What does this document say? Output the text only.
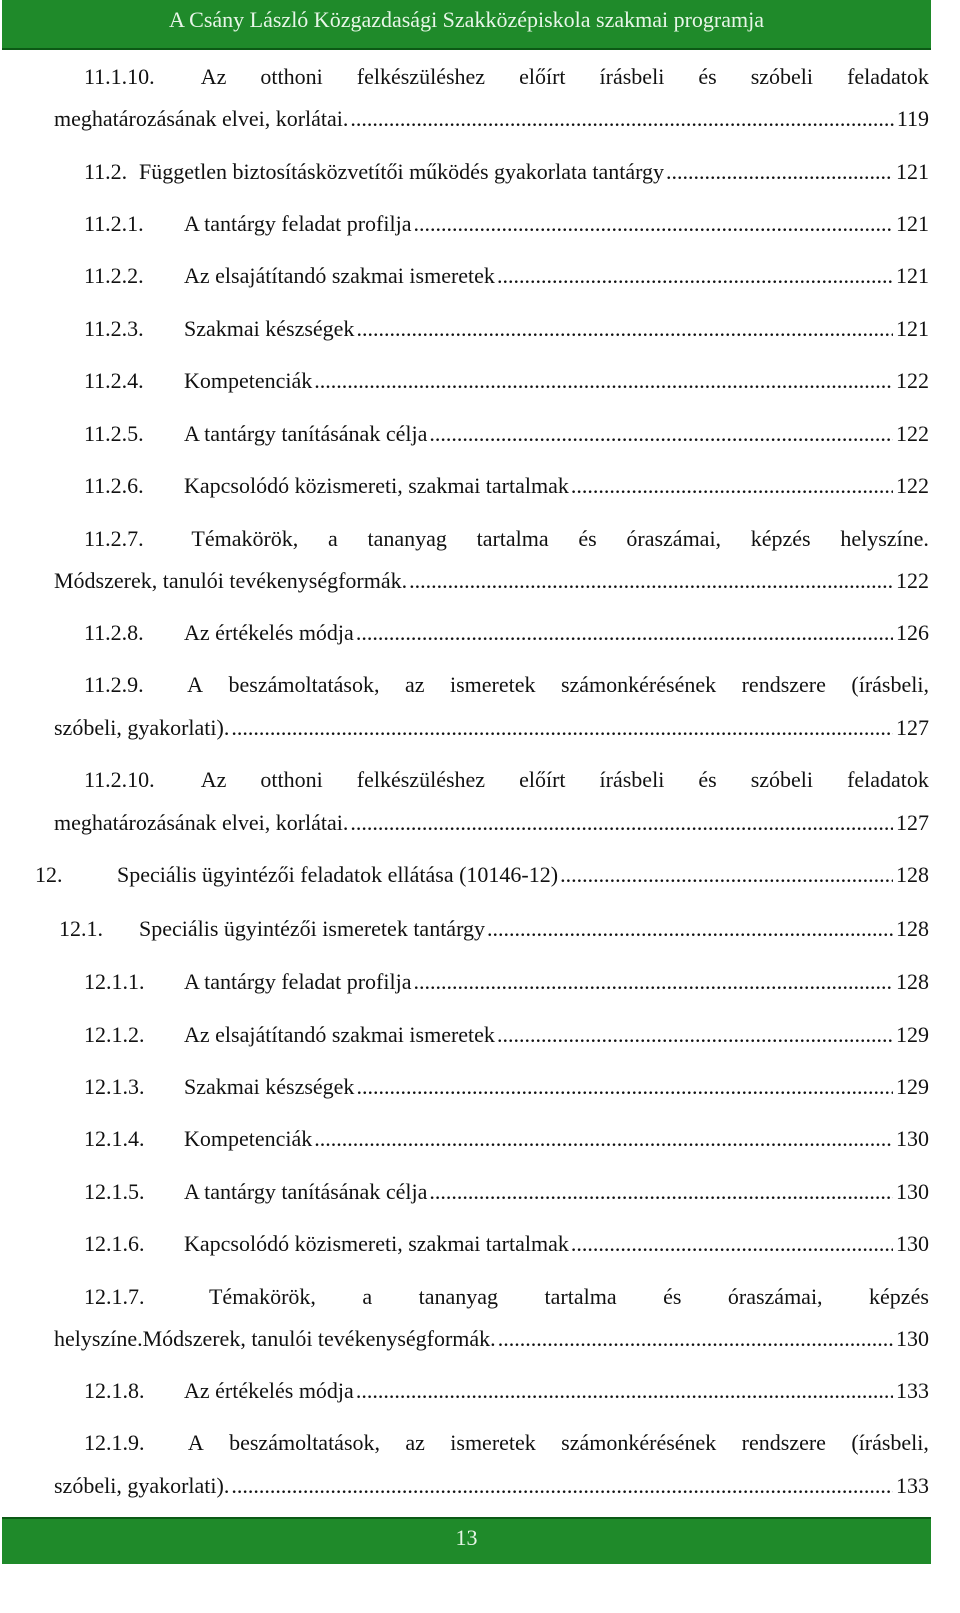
A Csány László Közgazdasági Szakközépiskola szakmai programja
11.1.10. Az otthoni felkészüléshez előírt írásbeli és szóbeli feladatok
meghatározásának elvei, korlátai. .....	119
11.2. Független biztosításközvetítői működés gyakorlata tantárgy .....	121
11.2.1.	A tantárgy feladat profilja .....	121
11.2.2.	Az elsajátítandó szakmai ismeretek .....	121
11.2.3.	Szakmai készségek .....	121
11.2.4.	Kompetenciák .....	122
11.2.5.	A tantárgy tanításának célja .....	122
11.2.6.	Kapcsolódó közismereti, szakmai tartalmak .....	122
11.2.7. Témakörök, a tananyag tartalma és óraszámai, képzés helyszíne.
Módszerek, tanulói tevékenységformák. .....	122
11.2.8.	Az értékelés módja .....	126
11.2.9. A beszámoltatások, az ismeretek számonkérésének rendszere (írásbeli,
szóbeli, gyakorlati). .....	127
11.2.10. Az otthoni felkészüléshez előírt írásbeli és szóbeli feladatok
meghatározásának elvei, korlátai. .....	127
12.	Speciális ügyintézői feladatok ellátása (10146-12) .....	128
12.1.	Speciális ügyintézői ismeretek tantárgy .....	128
12.1.1.	A tantárgy feladat profilja .....	128
12.1.2.	Az elsajátítandó szakmai ismeretek .....	129
12.1.3.	Szakmai készségek .....	129
12.1.4.	Kompetenciák .....	130
12.1.5.	A tantárgy tanításának célja .....	130
12.1.6.	Kapcsolódó közismereti, szakmai tartalmak .....	130
12.1.7.	Témakörök, a tananyag tartalma és óraszámai, képzés
helyszíne.Módszerek, tanulói tevékenységformák. .....	130
12.1.8.	Az értékelés módja .....	133
12.1.9. A beszámoltatások, az ismeretek számonkérésének rendszere (írásbeli,
szóbeli, gyakorlati). .....	133
13
